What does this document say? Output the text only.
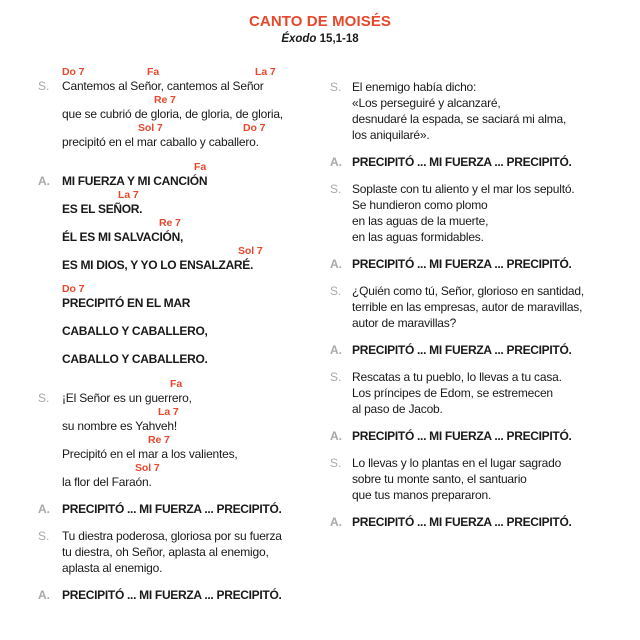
CANTO DE MOISÉS
Éxodo 15,1-18
S.
Do 7	Fa	La 7
Cantemos al Señor, cantemos al Señor
Re 7
que se cubrió de gloria, de gloria, de gloria,
Sol 7	Do 7
precipitó en el mar caballo y caballero.
A.
Fa
MI FUERZA Y MI CANCIÓN
La 7
ES EL SEÑOR.
Re 7
ÉL ES MI SALVACIÓN,
Sol 7
ES MI DIOS, Y YO LO ENSALZARÉ.
Do 7
PRECIPITÓ EN EL MAR
CABALLO Y CABALLERO,
CABALLO Y CABALLERO.
S.
Fa
¡El Señor es un guerrero,
La 7
su nombre es Yahveh!
Re 7
Precipitó en el mar a los valientes,
Sol 7
la flor del Faraón.
A.	PRECIPITÓ ... MI FUERZA ... PRECIPITÓ.
S.	Tu diestra poderosa, gloriosa por su fuerza
tu diestra, oh Señor, aplasta al enemigo,
aplasta al enemigo.
A.	PRECIPITÓ ... MI FUERZA ... PRECIPITÓ.
S. El enemigo había dicho:
«Los perseguiré y alcanzaré,
desnudaré la espada, se saciará mi alma,
los aniquilaré».
A. PRECIPITÓ ... MI FUERZA ... PRECIPITÓ.
S. Soplaste con tu aliento y el mar los sepultó.
Se hundieron como plomo
en las aguas de la muerte,
en las aguas formidables.
A. PRECIPITÓ ... MI FUERZA ... PRECIPITÓ.
S. ¿Quién como tú, Señor, glorioso en santidad,
terrible en las empresas, autor de maravillas,
autor de maravillas?
A. PRECIPITÓ ... MI FUERZA ... PRECIPITÓ.
S. Rescatas a tu pueblo, lo llevas a tu casa.
Los príncipes de Edom, se estremecen
al paso de Jacob.
A. PRECIPITÓ ... MI FUERZA ... PRECIPITÓ.
S. Lo llevas y lo plantas en el lugar sagrado
sobre tu monte santo, el santuario
que tus manos prepararon.
A. PRECIPITÓ ... MI FUERZA ... PRECIPITÓ.
